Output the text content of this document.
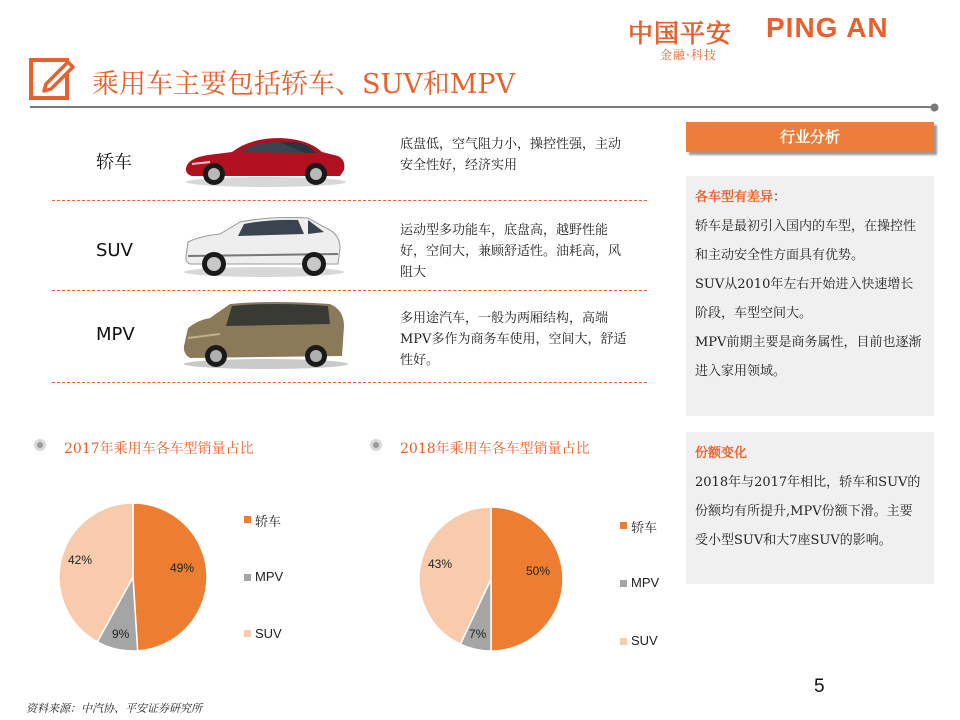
中国平安 PING AN
金融·科技
乘用车主要包括轿车、SUV和MPV
轿车
底盘低，空气阻力小，操控性强，主动安全性好，经济实用
SUV
运动型多功能车，底盘高，越野性能好，空间大，兼顾舒适性。油耗高，风阻大
MPV
多用途汽车，一般为两厢结构，高端MPV多作为商务车使用，空间大，舒适性好。
行业分析
各车型有差异：

轿车是最初引入国内的车型，在操控性和主动安全性方面具有优势。

SUV从2010年左右开始进入快速增长阶段，车型空间大。

MPV前期主要是商务属性，目前也逐渐进入家用领域。

份额变化

2018年与2017年相比，轿车和SUV的份额均有所提升,MPV份额下滑。主要受小型SUV和大7座SUV的影响。

2017年乘用车各车型销量占比	2018年乘用车各车型销量占比
49%
9%
42%
50%
7%
43%
轿车
MPV
SUV
轿车
MPV
SUV
5
资料来源：中汽协、平安证券研究所
